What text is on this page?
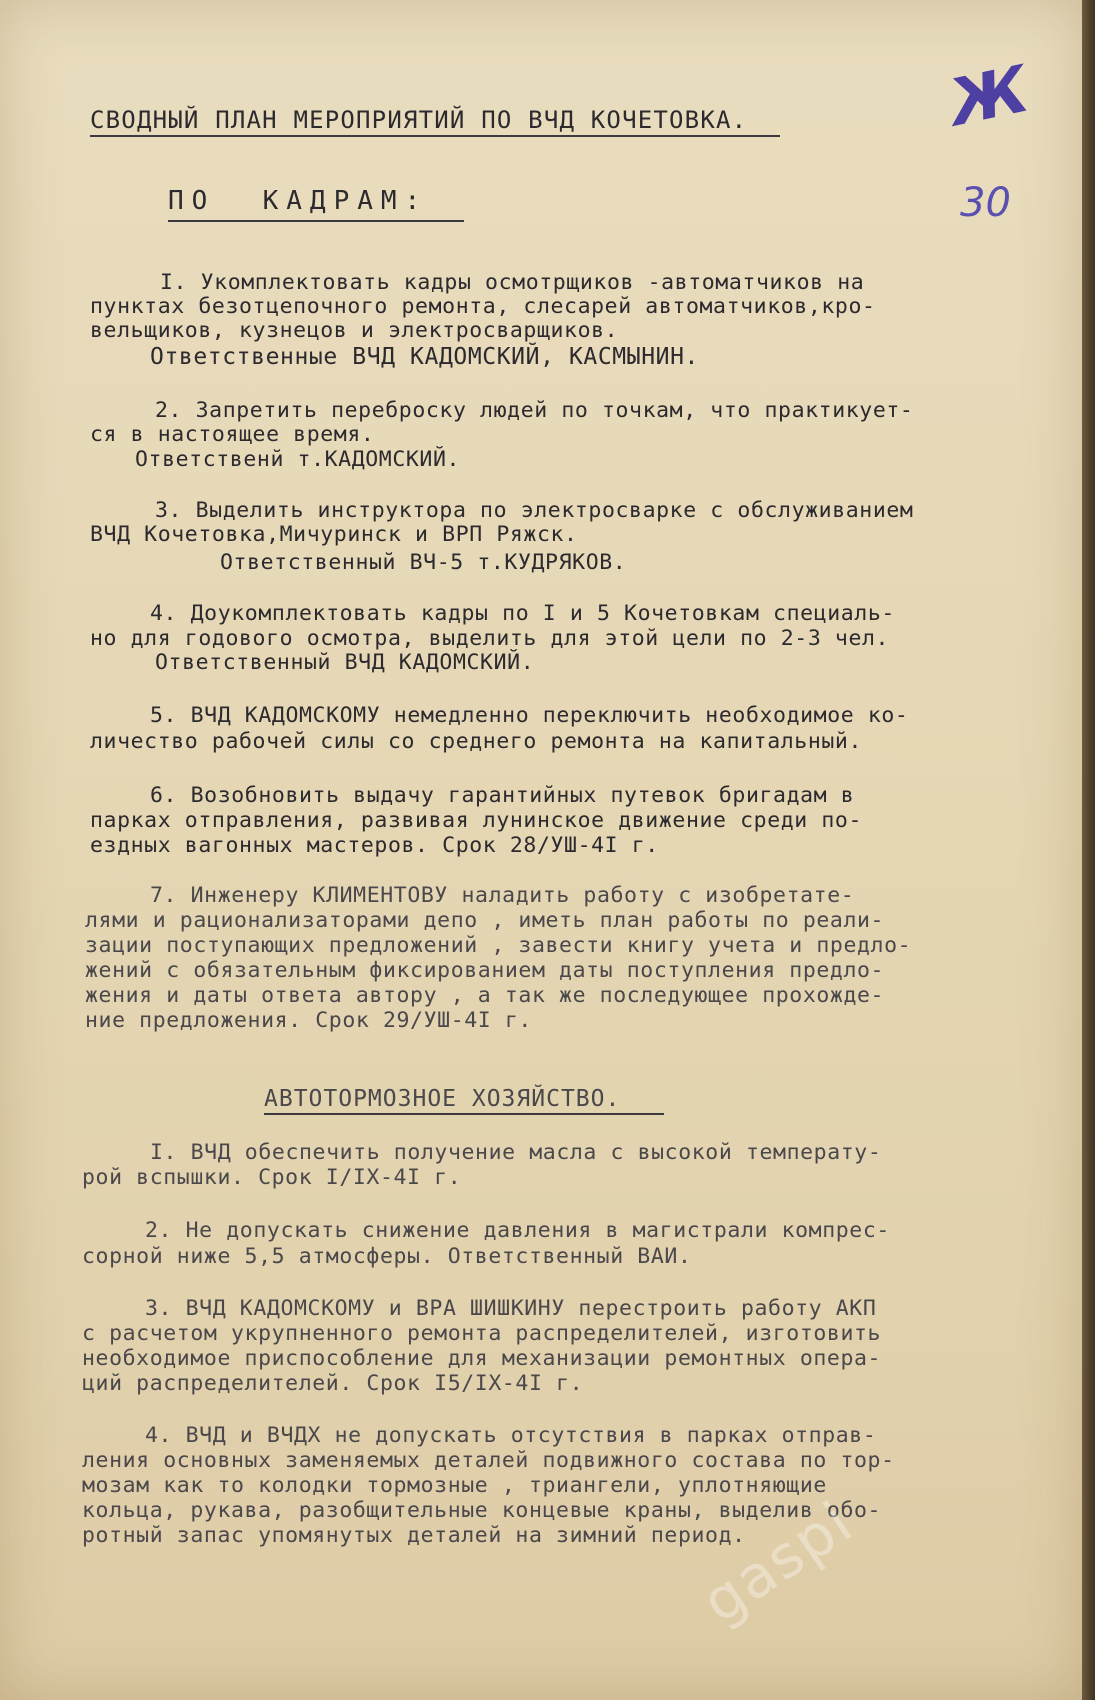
СВОДНЫЙ ПЛАН МЕРОПРИЯТИЙ ПО ВЧД КОЧЕТОВКА.	Ж
30
ПО  КАДРАМ:
I. Укомплектовать кадры осмотрщиков -автоматчиков на
пунктах безотцепочного ремонта, слесарей автоматчиков,кро-
вельщиков, кузнецов и электросварщиков.
Ответственные ВЧД КАДОМСКИЙ, КАСМЫНИН.
2. Запретить переброску людей по точкам, что практикует-
ся в настоящее время.
Ответственй т.КАДОМСКИЙ.
3. Выделить инструктора по электросварке с обслуживанием
ВЧД Кочетовка,Мичуринск и ВРП Ряжск.
Ответственный ВЧ-5 т.КУДРЯКОВ.
4. Доукомплектовать кадры по I и 5 Кочетовкам специаль-
но для годового осмотра, выделить для этой цели по 2-3 чел.
Ответственный ВЧД КАДОМСКИЙ.
5. ВЧД КАДОМСКОМУ немедленно переключить необходимое ко-
личество рабочей силы со среднего ремонта на капитальный.
6. Возобновить выдачу гарантийных путевок бригадам в
парках отправления, развивая лунинское движение среди по-
ездных вагонных мастеров. Срок 28/УШ-4I г.
7. Инженеру КЛИМЕНТОВУ наладить работу с изобретате-
лями и рационализаторами депо , иметь план работы по реали-
зации поступающих предложений , завести книгу учета и предло-
жений с обязательным фиксированием даты поступления предло-
жения и даты ответа автору , а так же последующее прохожде-
ние предложения. Срок 29/УШ-4I г.
АВТОТОРМОЗНОЕ ХОЗЯЙСТВО.
I. ВЧД обеспечить получение масла с высокой температу-
рой вспышки. Срок I/IX-4I г.
2. Не допускать снижение давления в магистрали компрес-
сорной ниже 5,5 атмосферы. Ответственный ВАИ.
3. ВЧД КАДОМСКОМУ и ВРА ШИШКИНУ перестроить работу АКП
с расчетом укрупненного ремонта распределителей, изготовить
необходимое приспособление для механизации ремонтных опера-
ций распределителей. Срок I5/IX-4I г.
4. ВЧД и ВЧДХ не допускать отсутствия в парках отправ-
ления основных заменяемых деталей подвижного состава по тор-
мозам как то колодки тормозные , триангели, уплотняющие
кольца, рукава, разобщительные концевые краны, выделив обо-
ротный запас упомянутых деталей на зимний период.
gaspi
